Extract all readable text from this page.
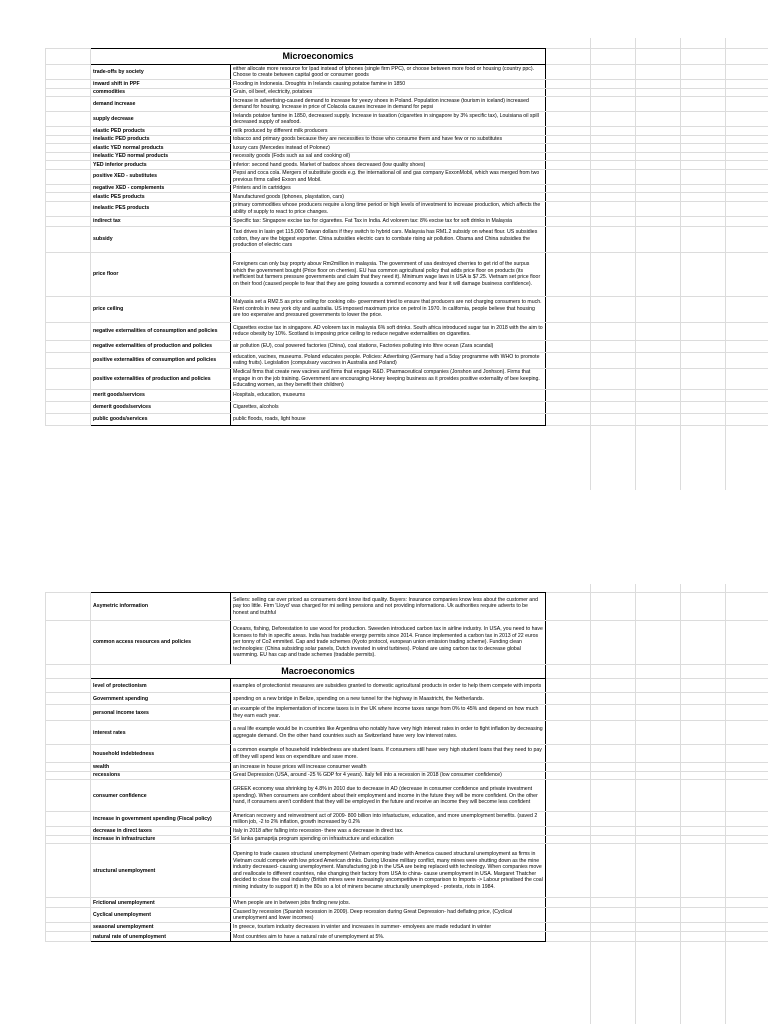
	Microeconomics						
	trade-offs by society	either allocate more resource for Ipad instead of Iphones (single firm PPC), or choose between more food or housing (country ppc). Choose to create between capital good or consumer goods					
	inward shift in PPF	Flooding in Indonesia. Droughts in Irelands causing potatoe famine in 1850					
	commodities	Grain, oil beef, electricity, potatoes					
	demand increase	Increase in advertising-caused demand to increase for yeezy shoes in Poland. Population increase (tourism in iceland) increased demand for housing. Increase in price of Colacola causes increase in demand for pepsi					
	supply decrease	Irelands potatoe famine in 1850, decreased supply. Increase in taxation (cigarettes in singapore by 3% specific tax), Louisiana oil spill decreased supply of seafood.					
	elastic PED products	milk produced by different milk producers					
	inelastic PED products	tobacco and primary goods because they are necessities to those who consume them and have few or no substitutes					
	elastic YED normal products	luxury cars (Mercedes instead of Polonez)					
	inelastic YED normal products	necessity goods (Fods such as sal and cooking oil)					
	YED inferior products	inferior: second hand goods. Market of badoox shoes decreased (low quality shoes)					
	positive XED - substitutes	Pepsi and coca cola. Mergers of substitute goods e.g. the international oil and gas company ExxonMobil, which was merged from two previous firms called Exxon and Mobil.					
	negative XED - complements	Printers and in cartridges					
	elastic PES products	Manufactured goods (Iphones, playstation, cars)					
	inelastic PES products	primary commodities whose producers require a long time period or high levels of investment to increase production, which affects the ability of supply to react to price changes.					
	indirect tax	Specific tax: Singapore excise tax for cigarettes. Fat Tax in India. Ad volorem tax: 8% excise tax for soft drinks in Malaysia					
	subsidy	Taxi drives in lasin get 115,000 Taiwan dollars if they switch to hybrid cars. Malaysia has RM1.2 subsidy on wheat flour. US subsidies cotton, they are the biggest exporter. China subsidies electric cars to combate rising air pollution. Obama and China subsidies the production of electric cars					
	price floor	Foreigners can only buy proprty abouv Rm2million in malaysia. The government of usa destroyed cherries to get rid of the surpus which the government bought (Price floor on cherries). EU has common agricultural policy that adds price floor on products (its inefficient but farmers pressure governments and claim that they need it). Minimum wage laws in USA is $7.25. Vietnam set price floor on their food (caused people to fear that they are going towards a commnd economy and fear it will damage business confidence).					
	price ceiling	Malyasia set a RM2.5 as price ceiling for cooking oils- government tried to ensure that producers are not charging consumers to much. Rent controls in new york city and australia. US imposed maximum price on petrol in 1970. In california, people believe that housing are too expensive and pressured governments to lower the price.					
	negative externalities of consumption and policies	Cigarettes excise tax in singapore. AD volorem tax in malaysia 6% soft drinks. South africa introduced sugar tax in 2018 with the aim to reduce obesity by 10%. Scotland is imposing price ceiling to reduce negative externalities on cigarettes.					
	negative externalities of production and policies	air pollution (EU), coal powered factories (China), coal stations, Factories polluting into lthre ocean (Zara scandal)					
	positive externalities of consumption and policies	education, vacines, museums. Poland educates people. Policies: Advertising (Germany had a 5day programme with WHO to promote eating fruits). Legislation (compulsary vaccines in Australia and Poland)					
	positive externalities of production and policies	Medical firms that create new vacines and firms that engage R&D. Pharmaceutical companies (Jonshon and Jonhson). Firms that engage in on the job training. Government are encouraging Honey keeping business as it provides positive externality of bee keeping. Educating women, as they benefit their children)					
	merit goods/services	Hospitals, education, museums					
	demerit goods/services	Cigarettes, alcohols					
	public goods/services	public floods, roads, light house					
	Asymetric information	Sellers: selling car over priced as consumers dont know itsd quality. Buyers: Insurance companies know less about the customer and pay too little. Firm 'Lloyd' was charged for mi selling pensions and not providing informations. Uk authorities require adverts to be honest and truthful					
	common access resources and policies	Oceans, fishing, Deforestation to use wood for production. Sweeden introduced carbon tax in airline industry. In USA, you need to have licenses to fish in specific areas. India has tradable energy permits since 2014. France implemented a carbon tax in 2013 of 22 euros per tonny of Co2 emmited. Cap and trade schemes (Kyoto protocol, european union emission trading scheme). Funding clean technologies: (China subsiding solar panels, Dutch invested in wind turbines). Poland are using carbon tax to decrease global warmming. EU has cap and trade schemes (tradable permits).					
	Macroeconomics						
	level of protectionism	examples of protectionist measures are subsidies granted to domestic agricultural products in order to help them compete with imports					
	Government spending	spending on a new bridge in Belize, spending on a new tunnel for the highway in Maastricht, the Netherlands.					
	personal income taxes	an example of the implementation of income taxes is in the UK where income taxes range from 0% to 45% and depend on how much they earn each year.					
	interest rates	a real life example would be in countries like Argentina who notably have very high interest rates in order to fight inflation by decreasing aggregate demand. On the other hand countries such as Switzerland have very low interest rates.					
	household indebtedness	a common example of household indebtedness are student loans. If consumers still have very high student loans that they need to pay off they will spend less on expenditure and save more.					
	wealth	an increase in house prices will increase consumer wealth					
	recessions	Great Depression (USA, around -25 % GDP for 4 years). Italy fell into a recession in 2018 (low consumer confidence)					
	consumer confidence	GREEK economy was shrinking by 4.8% in 2010 due to decrease in AD (decrease in consumer confidence and private investment spending). When consumers are confident about their employment and income in the future they will be more confident. On the other hand, if consumers aren't confident that they will be employed in the future and receive an income they will become less confident					
	increase in government spending (Fiscal policy)	American recovery and reinvestment act of 2009- 800 billion into infastucture, education, and more unemployment benefits. (saved 2 million job, -2 to 2% inflation, growth increased by 0.2%					
	decrease in direct taxes	Italy in 2018 after falling into recession- there was a decrease in direct tax.					
	increase in infrastructure	Sri lanka gamaprija program spending on infrastructure and education					
	structural unemployment	Opening to trade causes structural unemployment (Vietnam opening trade with America caused structural unemployment as firms in Vietnam could compete with low priced American drinks. During Ukraine military conflict, many mines were shutting down as the mine industry decreased- causing unemployment. Manufacturing job in the USA are being replaced with technology. When companies move and reallocate to different countries, nike changing their factory from USA to china- cause unemployment in USA. Margaret Thatcher decided to close the coal industry (British mines were increasingly uncompetitive in comparison to Imports -> Labour privatised the coal mining industry to support it) in the 80s so a lot of miners became structurally unemployed - protests, riots in 1984.					
	Frictional unemployment	When people are in between jobs finding new jobs.					
	Cyclical unemployment	Caused by recession (Spanish recession in 2009). Deep recession during Great Depression- had deflating price, (Cyclical unemployment and lower incomes)					
	seasonal unemployment	In greece, tourism industry decreases in winter and increases in summer- emolyees are made redudant in winter					
	natural rate of unemployment	Most countries aim to have a natural rate of unemployment at 5%.					
